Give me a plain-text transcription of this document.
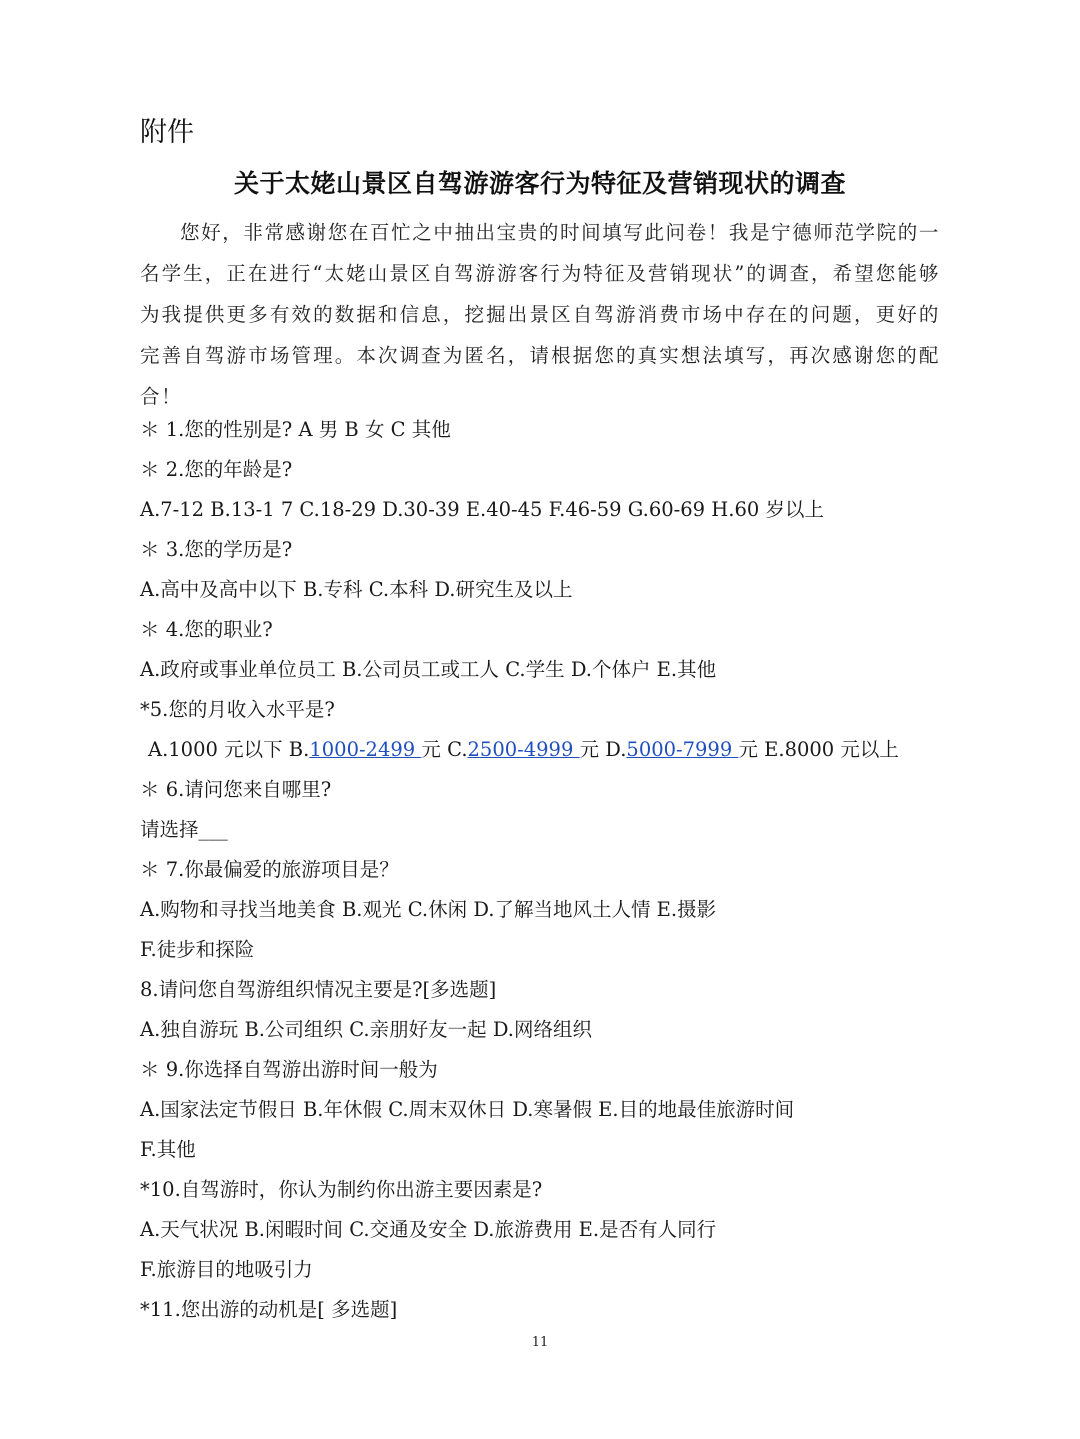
附件
关于太姥山景区自驾游游客行为特征及营销现状的调查

您好，非常感谢您在百忙之中抽出宝贵的时间填写此问卷！我是宁德师范学院的一名学生，正在进行“太姥山景区自驾游游客行为特征及营销现状”的调查，希望您能够为我提供更多有效的数据和信息，挖掘出景区自驾游消费市场中存在的问题，更好的完善自驾游市场管理。本次调查为匿名，请根据您的真实想法填写，再次感谢您的配合！

＊ 1.您的性别是? A 男 B 女 C 其他
＊ 2.您的年龄是?
A.7-12 B.13-1 7 C.18-29 D.30-39 E.40-45 F.46-59 G.60-69 H.60 岁以上
＊ 3.您的学历是?
A.高中及高中以下 B.专科 C.本科 D.研究生及以上
＊ 4.您的职业?
A.政府或事业单位员工 B.公司员工或工人 C.学生 D.个体户 E.其他
*5.您的月收入水平是?
A.1000 元以下 B.1000-2499 元 C.2500-4999 元 D.5000-7999 元 E.8000 元以上
＊ 6.请问您来自哪里?
请选择___
＊ 7.你最偏爱的旅游项目是？
A.购物和寻找当地美食 B.观光 C.休闲 D.了解当地风土人情 E.摄影
F.徒步和探险
8.请问您自驾游组织情况主要是?[多选题]
A.独自游玩 B.公司组织 C.亲朋好友一起 D.网络组织
＊ 9.你选择自驾游出游时间一般为
A.国家法定节假日 B.年休假 C.周末双休日 D.寒暑假 E.目的地最佳旅游时间
F.其他
*10.自驾游时，你认为制约你出游主要因素是?
A.天气状况 B.闲暇时间 C.交通及安全 D.旅游费用 E.是否有人同行
F.旅游目的地吸引力
*11.您出游的动机是[ 多选题]
11
